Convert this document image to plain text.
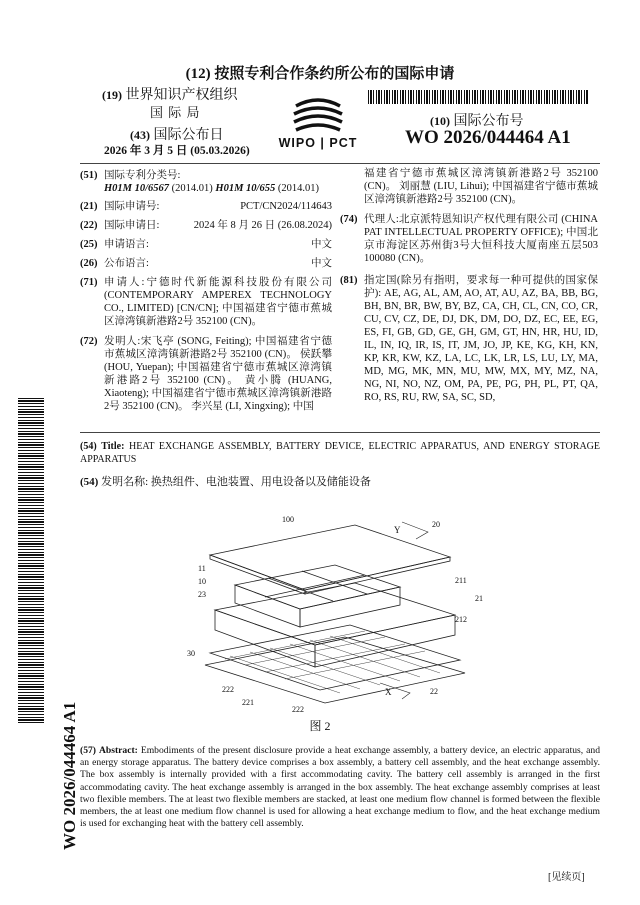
(12) 按照专利合作条约所公布的国际申请
(19) 世界知识产权组织
国 际 局
(43) 国际公布日
2026 年 3 月 5 日 (05.03.2026)
WIPO | PCT
(10) 国际公布号
WO 2026/044464 A1
(51) 国际专利分类号:
H01M 10/6567 (2014.01) H01M 10/655 (2014.01)
(21) 国际申请号:	PCT/CN2024/114643
(22) 国际申请日:	2024 年 8 月 26 日 (26.08.2024)
(25) 申请语言:	中文
(26) 公布语言:	中文
(71) 申请人:宁德时代新能源科技股份有限公司 (CONTEMPORARY AMPEREX TECHNOLOGY CO., LIMITED) [CN/CN]; 中国福建省宁德市蕉城区漳湾镇新港路2号 352100 (CN)。
(72) 发明人:宋飞亭 (SONG, Feiting); 中国福建省宁德市蕉城区漳湾镇新港路2号 352100 (CN)。 侯跃攀 (HOU, Yuepan); 中国福建省宁德市蕉城区漳湾镇新港路2号 352100 (CN)。 黄小腾 (HUANG, Xiaoteng); 中国福建省宁德市蕉城区漳湾镇新港路2号 352100 (CN)。 李兴星 (LI, Xingxing); 中国
福建省宁德市蕉城区漳湾镇新港路2号 352100 (CN)。 刘丽慧 (LIU, Lihui); 中国福建省宁德市蕉城区漳湾镇新港路2号 352100 (CN)。
(74) 代理人:北京派特恩知识产权代理有限公司 (CHINA PAT INTELLECTUAL PROPERTY OFFICE); 中国北京市海淀区苏州街3号大恒科技大厦南座五层503 100080 (CN)。
(81) 指定国(除另有指明，要求每一种可提供的国家保护): AE, AG, AL, AM, AO, AT, AU, AZ, BA, BB, BG, BH, BN, BR, BW, BY, BZ, CA, CH, CL, CN, CO, CR, CU, CV, CZ, DE, DJ, DK, DM, DO, DZ, EC, EE, EG, ES, FI, GB, GD, GE, GH, GM, GT, HN, HR, HU, ID, IL, IN, IQ, IR, IS, IT, JM, JO, JP, KE, KG, KH, KN, KP, KR, KW, KZ, LA, LC, LK, LR, LS, LU, LY, MA, MD, MG, MK, MN, MU, MW, MX, MY, MZ, NA, NG, NI, NO, NZ, OM, PA, PE, PG, PH, PL, PT, QA, RO, RS, RU, RW, SA, SC, SD,
(54) Title: HEAT EXCHANGE ASSEMBLY, BATTERY DEVICE, ELECTRIC APPARATUS, AND ENERGY STORAGE APPARATUS
(54) 发明名称: 换热组件、电池装置、用电设备以及储能设备
100
20
Y
11
10
23
211
21
212
30
X
222
221
22
222
图 2
(57) Abstract: Embodiments of the present disclosure provide a heat exchange assembly, a battery device, an electric apparatus, and an energy storage apparatus. The battery device comprises a box assembly, a battery cell assembly, and the heat exchange assembly. The box assembly is internally provided with a first accommodating cavity. The battery cell assembly is arranged in the first accommodating cavity. The heat exchange assembly is arranged in the box assembly. The heat exchange assembly comprises at least two flexible members. The at least two flexible members are stacked, at least one medium flow channel is formed between the flexible members, the at least one medium flow channel is used for allowing a heat exchange medium to flow, and the heat exchange medium is used for exchanging heat with the battery cell assembly.
WO 2026/044464 A1
[见续页]
